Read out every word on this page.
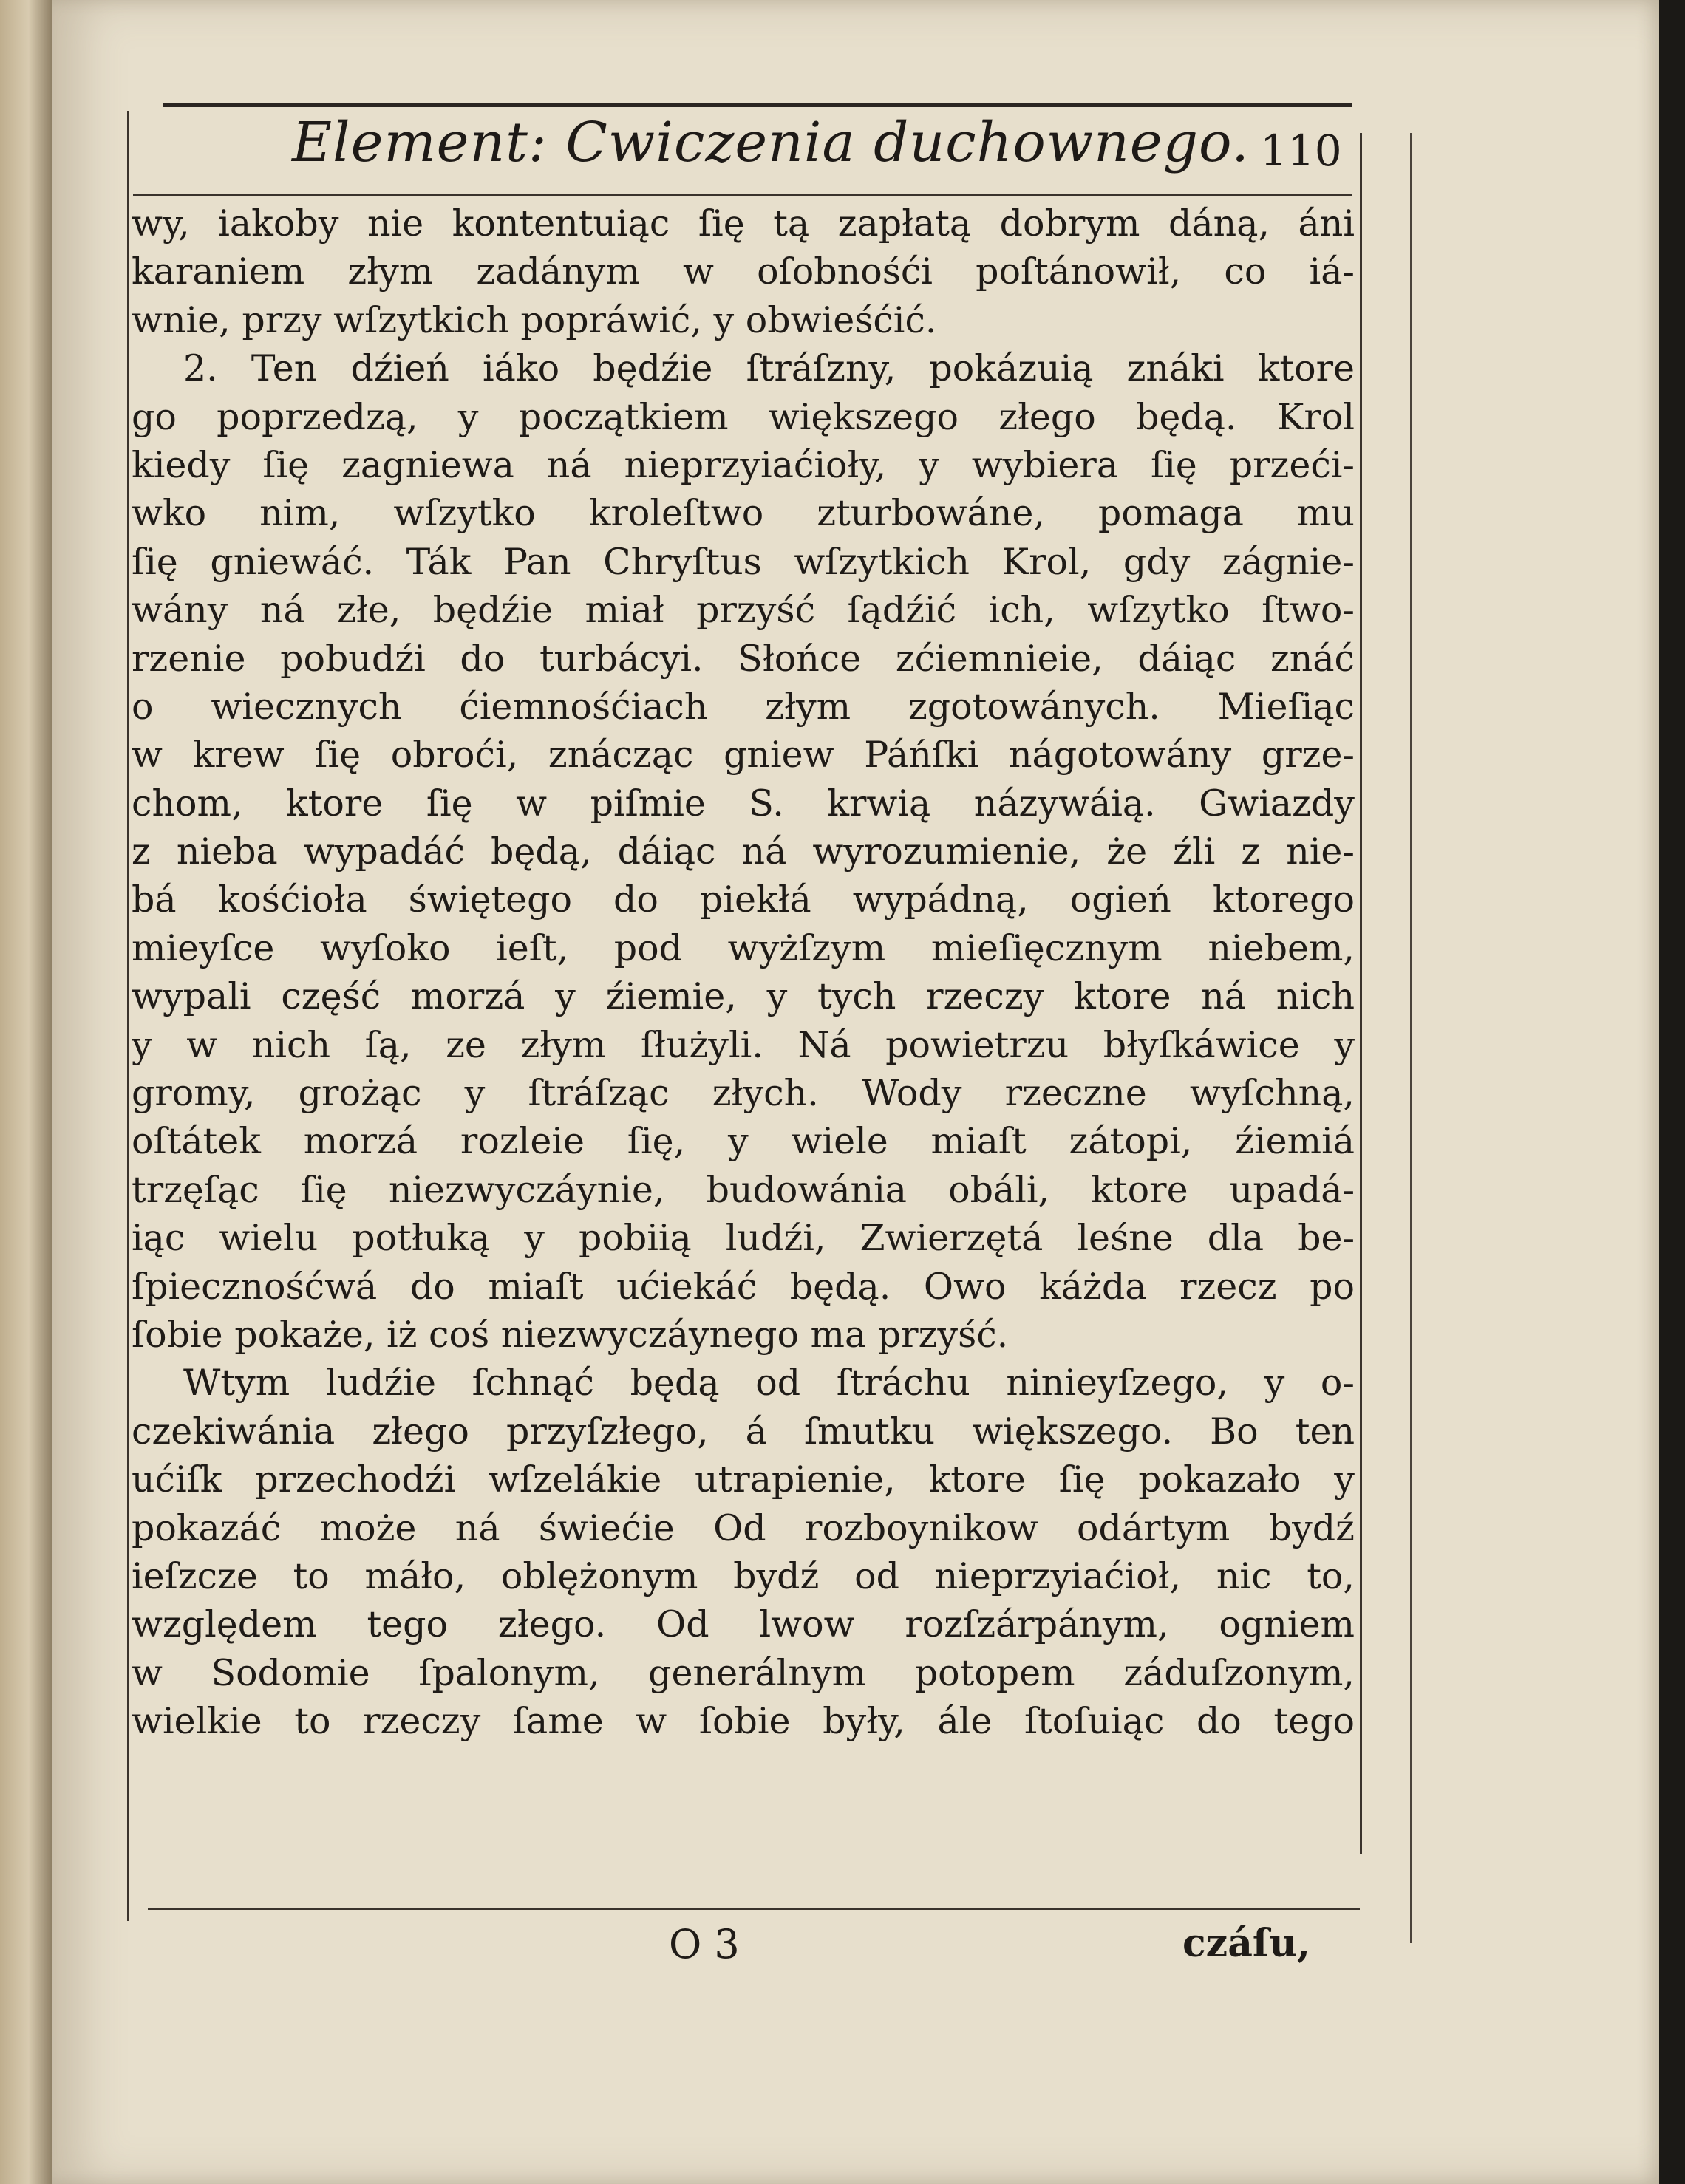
Element: Cwiczenia duchownego. 110
wy, iakoby nie kontentuiąc ſię tą zapłatą dobrym dáną, áni
karaniem złym zadánym w oſobnośći poſtánowił, co iá-
wnie, przy wſzytkich popráwić, y obwieśćić.
2. Ten dźień iáko będźie ſtráſzny, pokázuią znáki ktore
go poprzedzą, y początkiem większego złego będą. Krol
kiedy ſię zagniewa ná nieprzyiaćioły, y wybiera ſię przeći-
wko nim, wſzytko kroleſtwo zturbowáne, pomaga mu
ſię gniewáć. Ták Pan Chryſtus wſzytkich Krol, gdy zágnie-
wány ná złe, będźie miał przyść ſądźić ich, wſzytko ſtwo-
rzenie pobudźi do turbácyi. Słońce zćiemnieie, dáiąc znáć
o wiecznych ćiemnośćiach złym zgotowánych. Mieſiąc
w krew ſię obroći, znácząc gniew Páńſki nágotowány grze-
chom, ktore ſię w piſmie S. krwią názywáią. Gwiazdy
z nieba wypadáć będą, dáiąc ná wyrozumienie, że źli z nie-
bá kośćioła świętego do piekłá wypádną, ogień ktorego
mieyſce wyſoko ieſt, pod wyżſzym mieſięcznym niebem,
wypali część morzá y źiemie, y tych rzeczy ktore ná nich
y w nich ſą, ze złym ſłużyli. Ná powietrzu błyſkáwice y
gromy, grożąc y ſtráſząc złych. Wody rzeczne wyſchną,
oſtátek morzá rozleie ſię, y wiele miaſt zátopi, źiemiá
trzęſąc ſię niezwyczáynie, budowánia obáli, ktore upadá-
iąc wielu potłuką y pobiią ludźi, Zwierzętá leśne dla be-
ſpiecznośćwá do miaſt ućiekáć będą. Owo káżda rzecz po
ſobie pokaże, iż coś niezwyczáynego ma przyść.
Wtym ludźie ſchnąć będą od ſtráchu ninieyſzego, y o-
czekiwánia złego przyſzłego, á ſmutku większego. Bo ten
ućiſk przechodźi wſzelákie utrapienie, ktore ſię pokazało y
pokazáć może ná świećie Od rozboynikow odártym bydź
ieſzcze to máło, oblężonym bydź od nieprzyiaćioł, nic to,
względem tego złego. Od lwow rozſzárpánym, ogniem
w Sodomie ſpalonym, generálnym potopem záduſzonym,
wielkie to rzeczy ſame w ſobie były, ále ſtoſuiąc do tego
O 3	czáſu,
